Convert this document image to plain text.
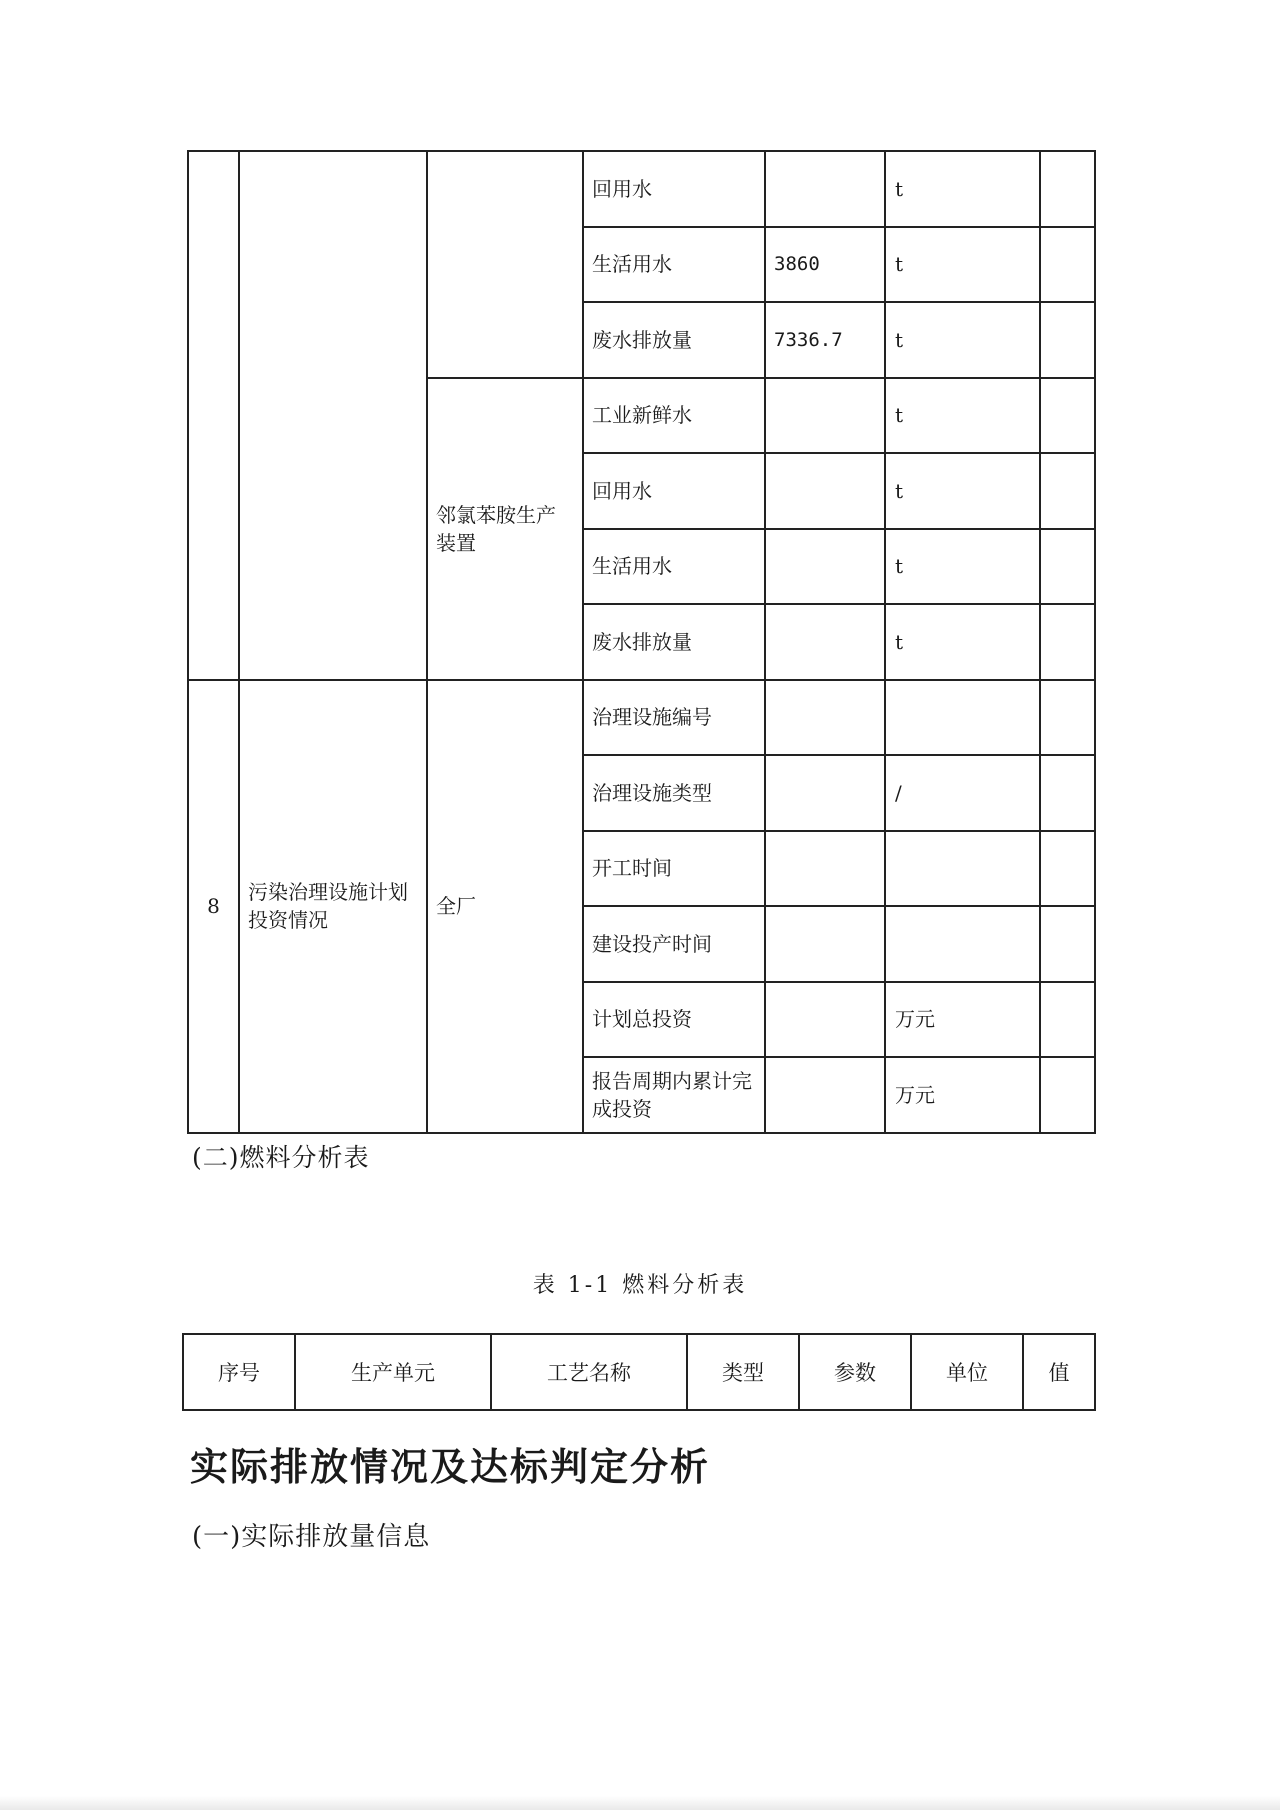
			回用水		t	
			生活用水	3860	t	
			废水排放量	7336.7	t	
		邻氯苯胺生产装置	工业新鲜水		t	
			回用水		t	
			生活用水		t	
			废水排放量		t	
8	污染治理设施计划投资情况	全厂	治理设施编号			
			治理设施类型		/	
			开工时间			
			建设投产时间			
			计划总投资		万元	
			报告周期内累计完成投资		万元	
(二)燃料分析表
表 1-1 燃料分析表
序号	生产单元	工艺名称	类型	参数	单位	值
实际排放情况及达标判定分析
(一)实际排放量信息
